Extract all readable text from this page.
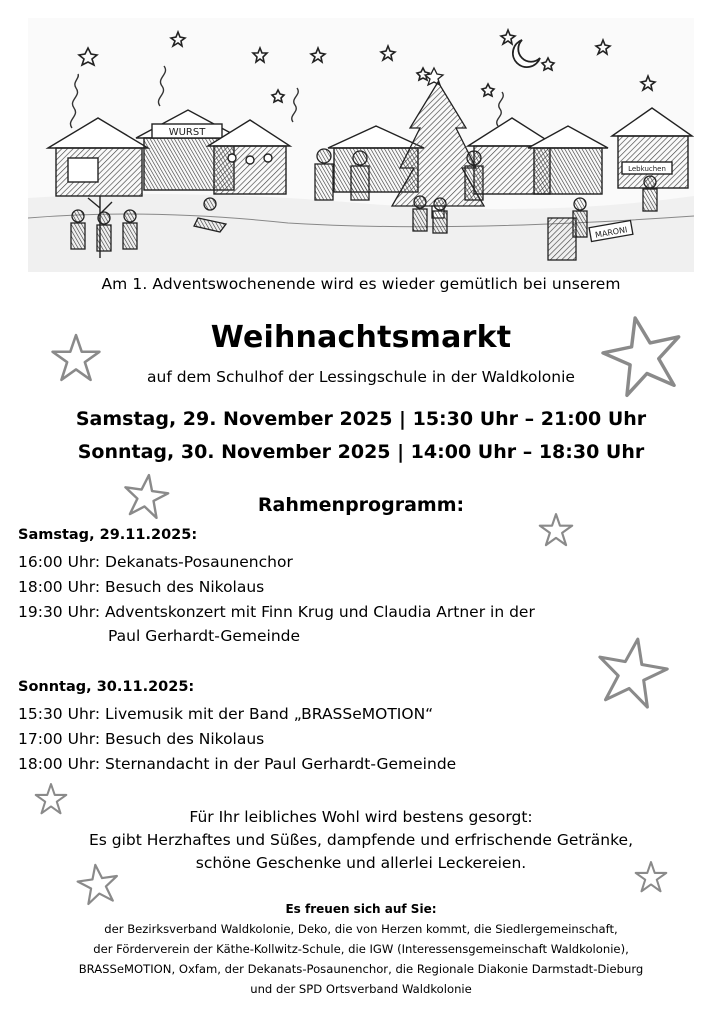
WURST
Lebkuchen
MARONI
Am 1. Adventswochenende wird es wieder gemütlich bei unserem
Weihnachtsmarkt
auf dem Schulhof der Lessingschule in der Waldkolonie
Samstag, 29. November 2025 | 15:30 Uhr – 21:00 Uhr
Sonntag, 30. November 2025 | 14:00 Uhr – 18:30 Uhr
Rahmenprogramm:
Samstag, 29.11.2025:
16:00 Uhr: Dekanats-Posaunenchor
18:00 Uhr: Besuch des Nikolaus
19:30 Uhr: Adventskonzert mit Finn Krug und Claudia Artner in der
Paul Gerhardt-Gemeinde
Sonntag, 30.11.2025:
15:30 Uhr: Livemusik mit der Band „BRASSeMOTION“
17:00 Uhr: Besuch des Nikolaus
18:00 Uhr: Sternandacht in der Paul Gerhardt-Gemeinde
Für Ihr leibliches Wohl wird bestens gesorgt:
Es gibt Herzhaftes und Süßes, dampfende und erfrischende Getränke,
schöne Geschenke und allerlei Leckereien.
Es freuen sich auf Sie:
der Bezirksverband Waldkolonie, Deko, die von Herzen kommt, die Siedlergemeinschaft,
der Förderverein der Käthe-Kollwitz-Schule, die IGW (Interessensgemeinschaft Waldkolonie),
BRASSeMOTION, Oxfam, der Dekanats-Posaunenchor, die Regionale Diakonie Darmstadt-Dieburg
und der SPD Ortsverband Waldkolonie
